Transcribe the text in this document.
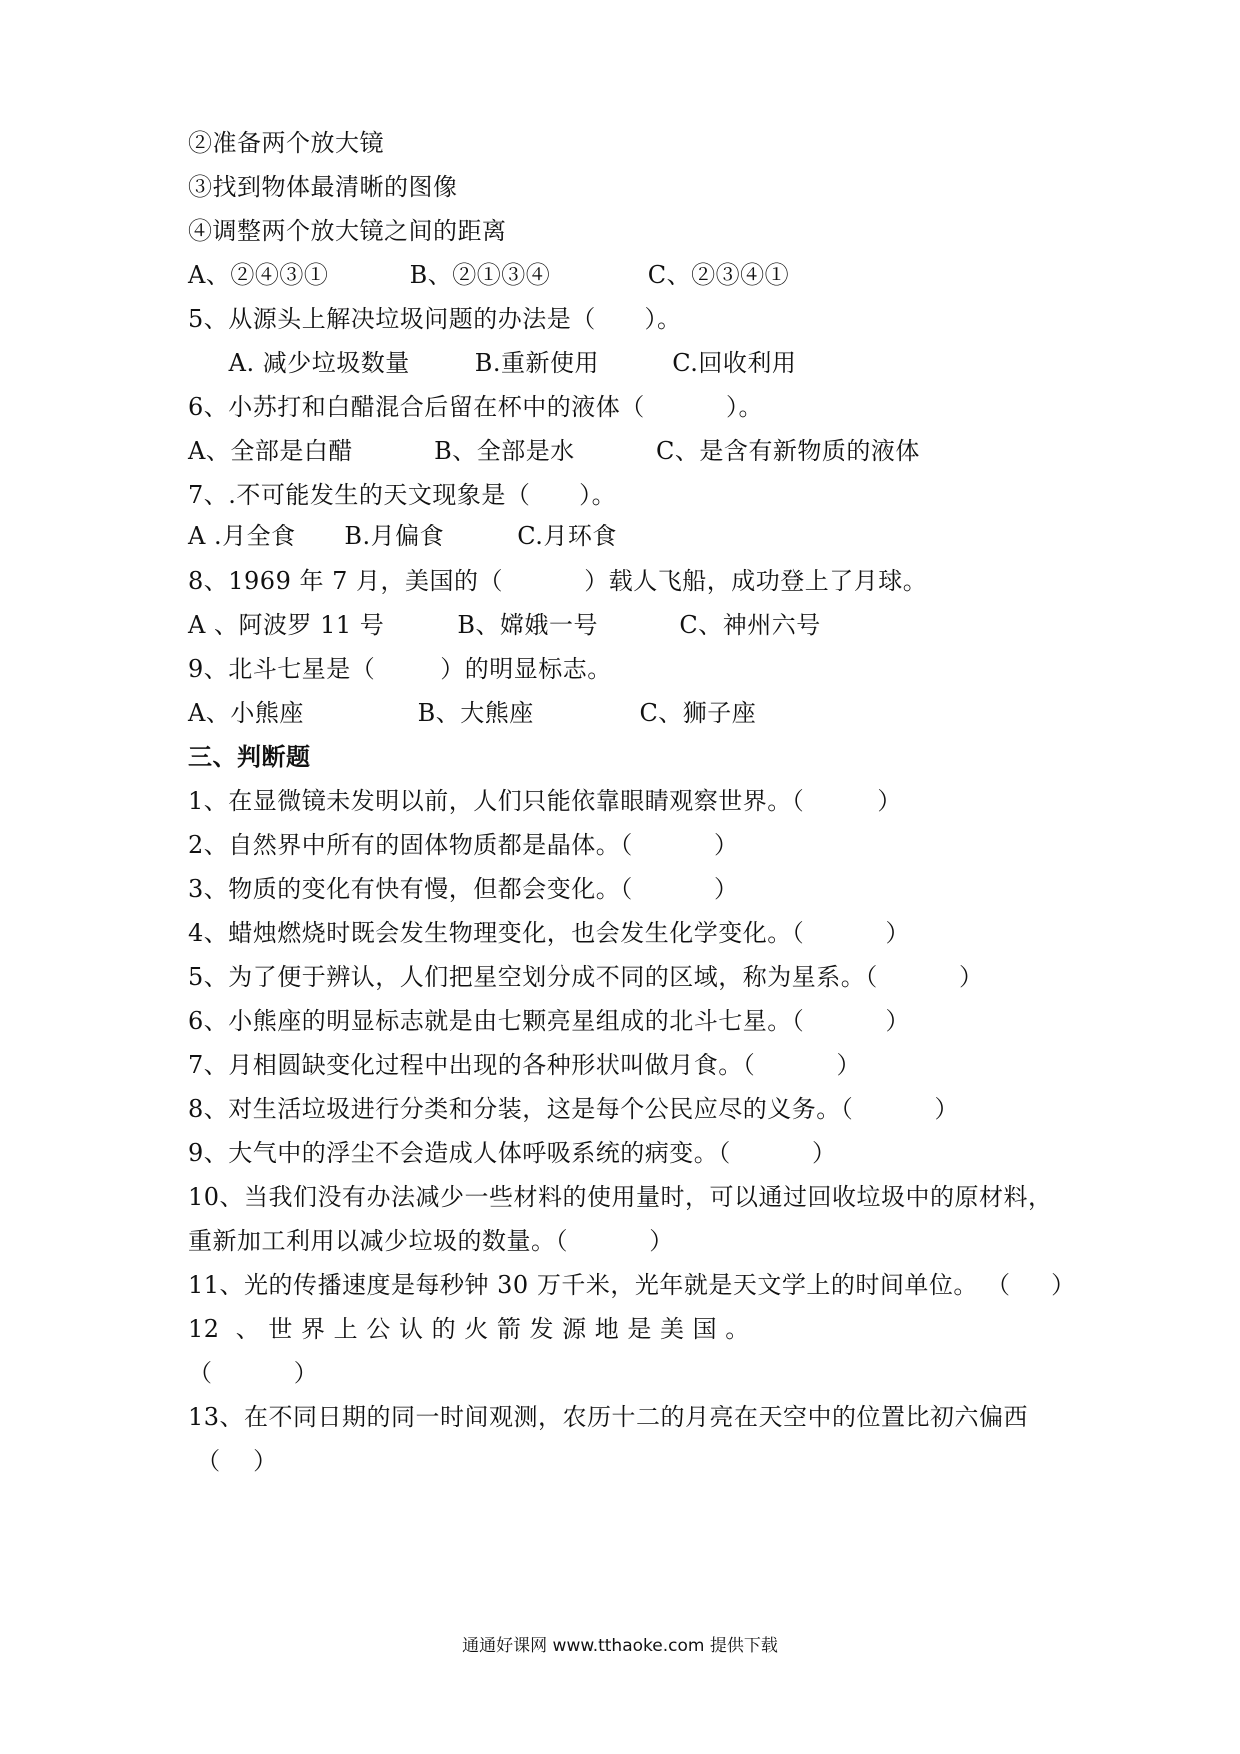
②准备两个放大镜
③找到物体最清晰的图像
④调整两个放大镜之间的距离
A、②④③①          B、②①③④            C、②③④①
5、从源头上解决垃圾问题的办法是（      ）。
A. 减少垃圾数量        B.重新使用         C.回收利用
6、小苏打和白醋混合后留在杯中的液体（          ）。
A、全部是白醋          B、全部是水          C、是含有新物质的液体
7、.不可能发生的天文现象是（      ）。
A .月全食      B.月偏食         C.月环食
8、1969 年 7 月，美国的（          ）载人飞船，成功登上了月球。
A 、阿波罗 11 号         B、嫦娥一号          C、神州六号
9、北斗七星是（        ）的明显标志。
A、小熊座              B、大熊座             C、狮子座
三、判断题
1、在显微镜未发明以前，人们只能依靠眼睛观察世界。（         ）
2、自然界中所有的固体物质都是晶体。（          ）
3、物质的变化有快有慢，但都会变化。（          ）
4、蜡烛燃烧时既会发生物理变化，也会发生化学变化。（          ）
5、为了便于辨认，人们把星空划分成不同的区域，称为星系。（          ）
6、小熊座的明显标志就是由七颗亮星组成的北斗七星。（          ）
7、月相圆缺变化过程中出现的各种形状叫做月食。（          ）
8、对生活垃圾进行分类和分装，这是每个公民应尽的义务。（          ）
9、大气中的浮尘不会造成人体呼吸系统的病变。（          ）
10、当我们没有办法减少一些材料的使用量时，可以通过回收垃圾中的原材料，
重新加工利用以减少垃圾的数量。（          ）
11、光的传播速度是每秒钟 30 万千米，光年就是天文学上的时间单位。 （     ）
12  、 世 界 上 公 认 的 火 箭 发 源 地 是 美 国 。
（          ）
13、在不同日期的同一时间观测，农历十二的月亮在天空中的位置比初六偏西
（    ）
通通好课网 www.tthaoke.com 提供下载
